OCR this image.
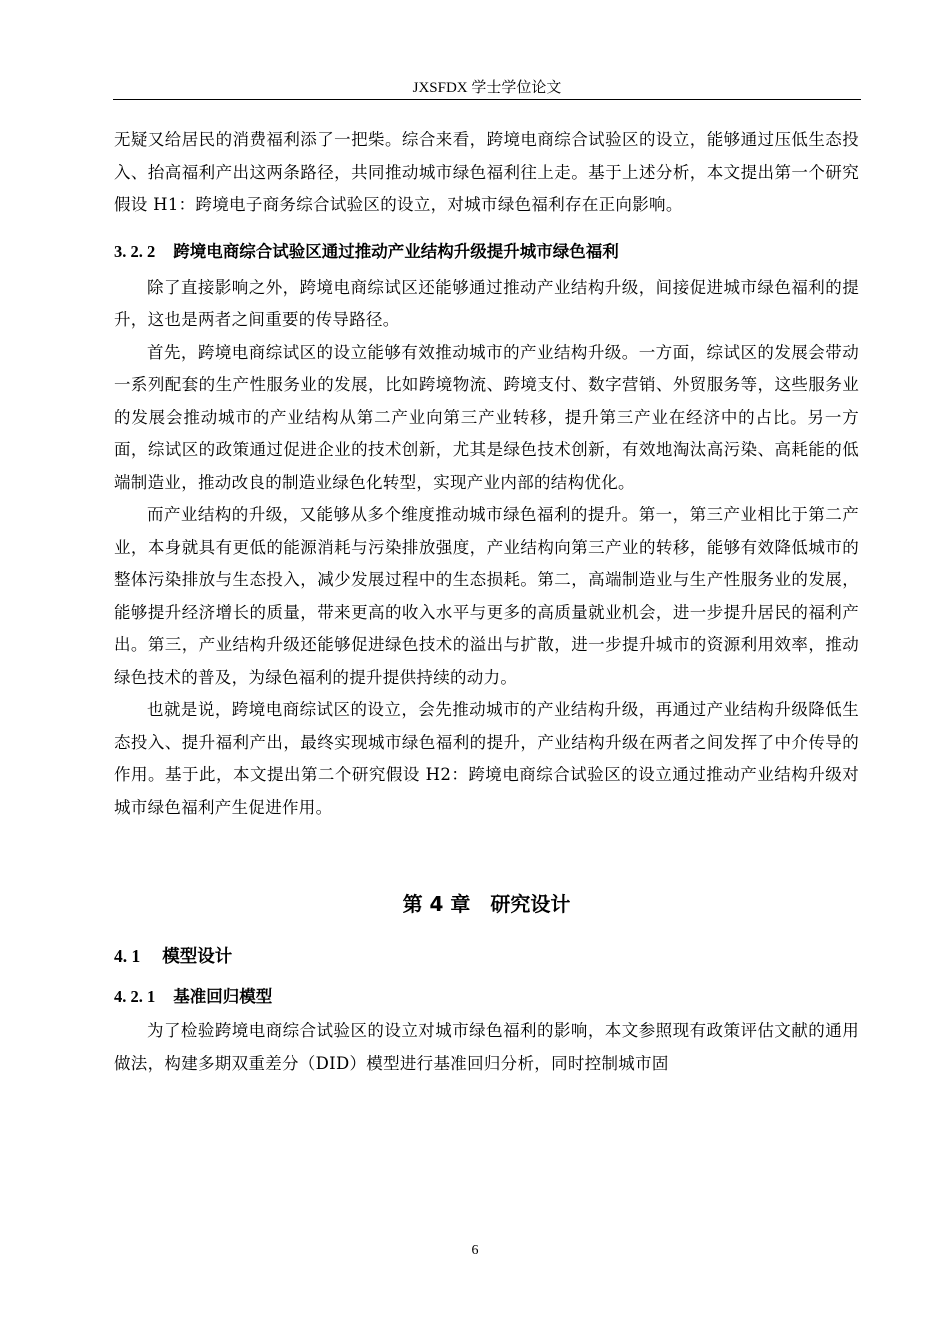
JXSFDX 学士学位论文

无疑又给居民的消费福利添了一把柴。综合来看，跨境电商综合试验区的设立，能够通过压低生态投入、抬高福利产出这两条路径，共同推动城市绿色福利往上走。基于上述分析，本文提出第一个研究假设 H1：跨境电子商务综合试验区的设立，对城市绿色福利存在正向影响。

3. 2. 2 跨境电商综合试验区通过推动产业结构升级提升城市绿色福利

除了直接影响之外，跨境电商综试区还能够通过推动产业结构升级，间接促进城市绿色福利的提升，这也是两者之间重要的传导路径。

首先，跨境电商综试区的设立能够有效推动城市的产业结构升级。一方面，综试区的发展会带动一系列配套的生产性服务业的发展，比如跨境物流、跨境支付、数字营销、外贸服务等，这些服务业的发展会推动城市的产业结构从第二产业向第三产业转移，提升第三产业在经济中的占比。另一方面，综试区的政策通过促进企业的技术创新，尤其是绿色技术创新，有效地淘汰高污染、高耗能的低端制造业，推动改良的制造业绿色化转型，实现产业内部的结构优化。

而产业结构的升级，又能够从多个维度推动城市绿色福利的提升。第一，第三产业相比于第二产业，本身就具有更低的能源消耗与污染排放强度，产业结构向第三产业的转移，能够有效降低城市的整体污染排放与生态投入，减少发展过程中的生态损耗。第二，高端制造业与生产性服务业的发展，能够提升经济增长的质量，带来更高的收入水平与更多的高质量就业机会，进一步提升居民的福利产出。第三，产业结构升级还能够促进绿色技术的溢出与扩散，进一步提升城市的资源利用效率，推动绿色技术的普及，为绿色福利的提升提供持续的动力。

也就是说，跨境电商综试区的设立，会先推动城市的产业结构升级，再通过产业结构升级降低生态投入、提升福利产出，最终实现城市绿色福利的提升，产业结构升级在两者之间发挥了中介传导的作用。基于此，本文提出第二个研究假设 H2：跨境电商综合试验区的设立通过推动产业结构升级对城市绿色福利产生促进作用。

第 4 章 研究设计
4. 1 模型设计
4. 2. 1 基准回归模型

为了检验跨境电商综合试验区的设立对城市绿色福利的影响，本文参照现有政策评估文献的通用做法，构建多期双重差分（DID）模型进行基准回归分析，同时控制城市固

6
